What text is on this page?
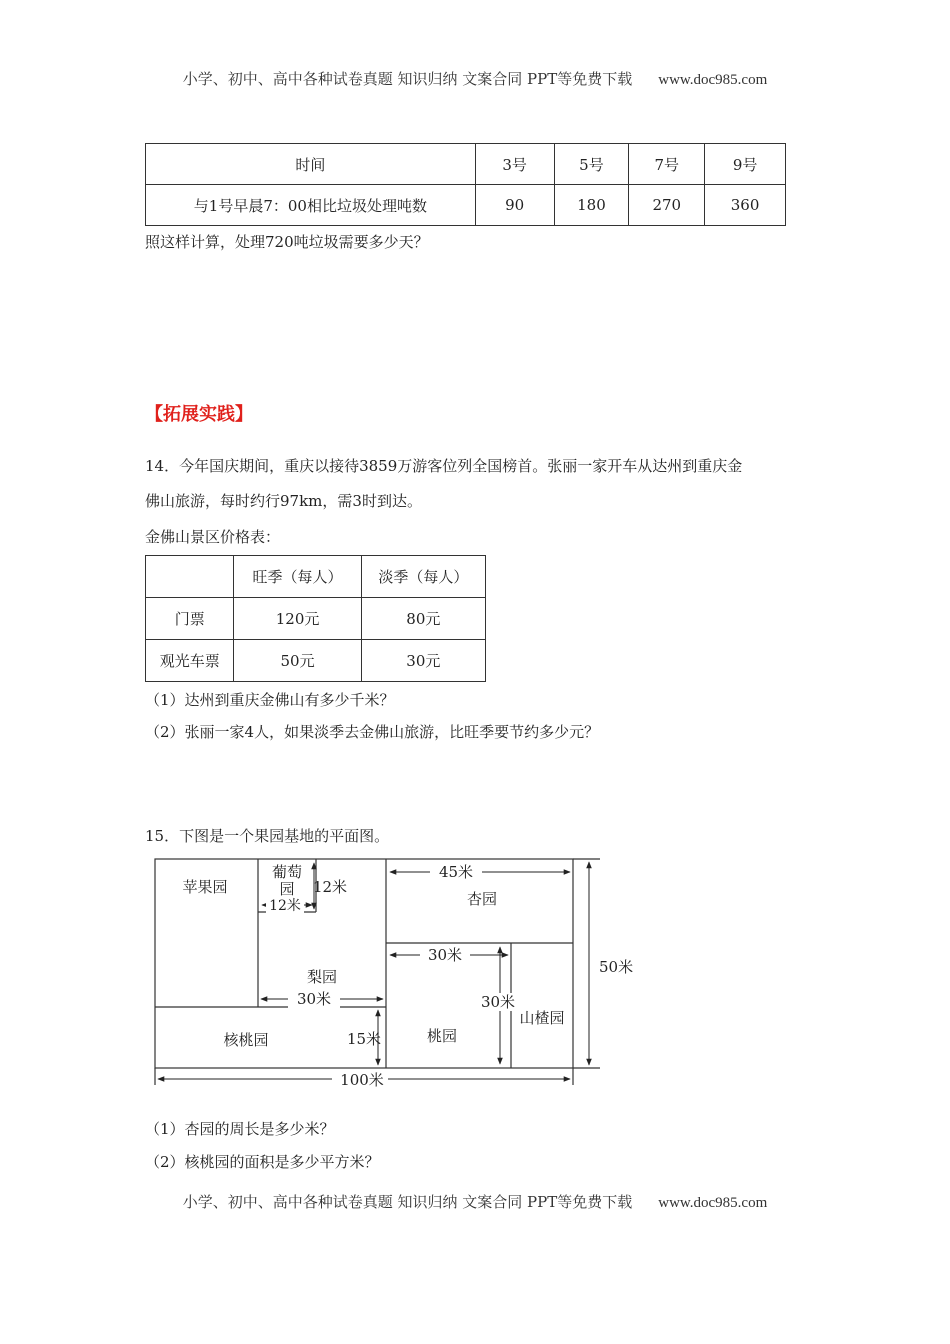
小学、初中、高中各种试卷真题 知识归纳 文案合同 PPT等免费下载 www.doc985.com
时间	3号	5号	7号	9号
与1号早晨7：00相比垃圾处理吨数	90	180	270	360
照这样计算，处理720吨垃圾需要多少天？
【拓展实践】
14．今年国庆期间，重庆以接待3859万游客位列全国榜首。张丽一家开车从达州到重庆金
佛山旅游，每时约行97km，需3时到达。
金佛山景区价格表：
	旺季（每人）	淡季（每人）
门票	120元	80元
观光车票	50元	30元
（1）达州到重庆金佛山有多少千米？
（2）张丽一家4人，如果淡季去金佛山旅游，比旺季要节约多少元？
15．下图是一个果园基地的平面图。
苹果园
葡萄
园
12米
12米
45米
杏园
30米
梨园
30米	30米
山楂园
50米
核桃园	15米	桃园
100米
（1）杏园的周长是多少米？
（2）核桃园的面积是多少平方米？
小学、初中、高中各种试卷真题 知识归纳 文案合同 PPT等免费下载 www.doc985.com
